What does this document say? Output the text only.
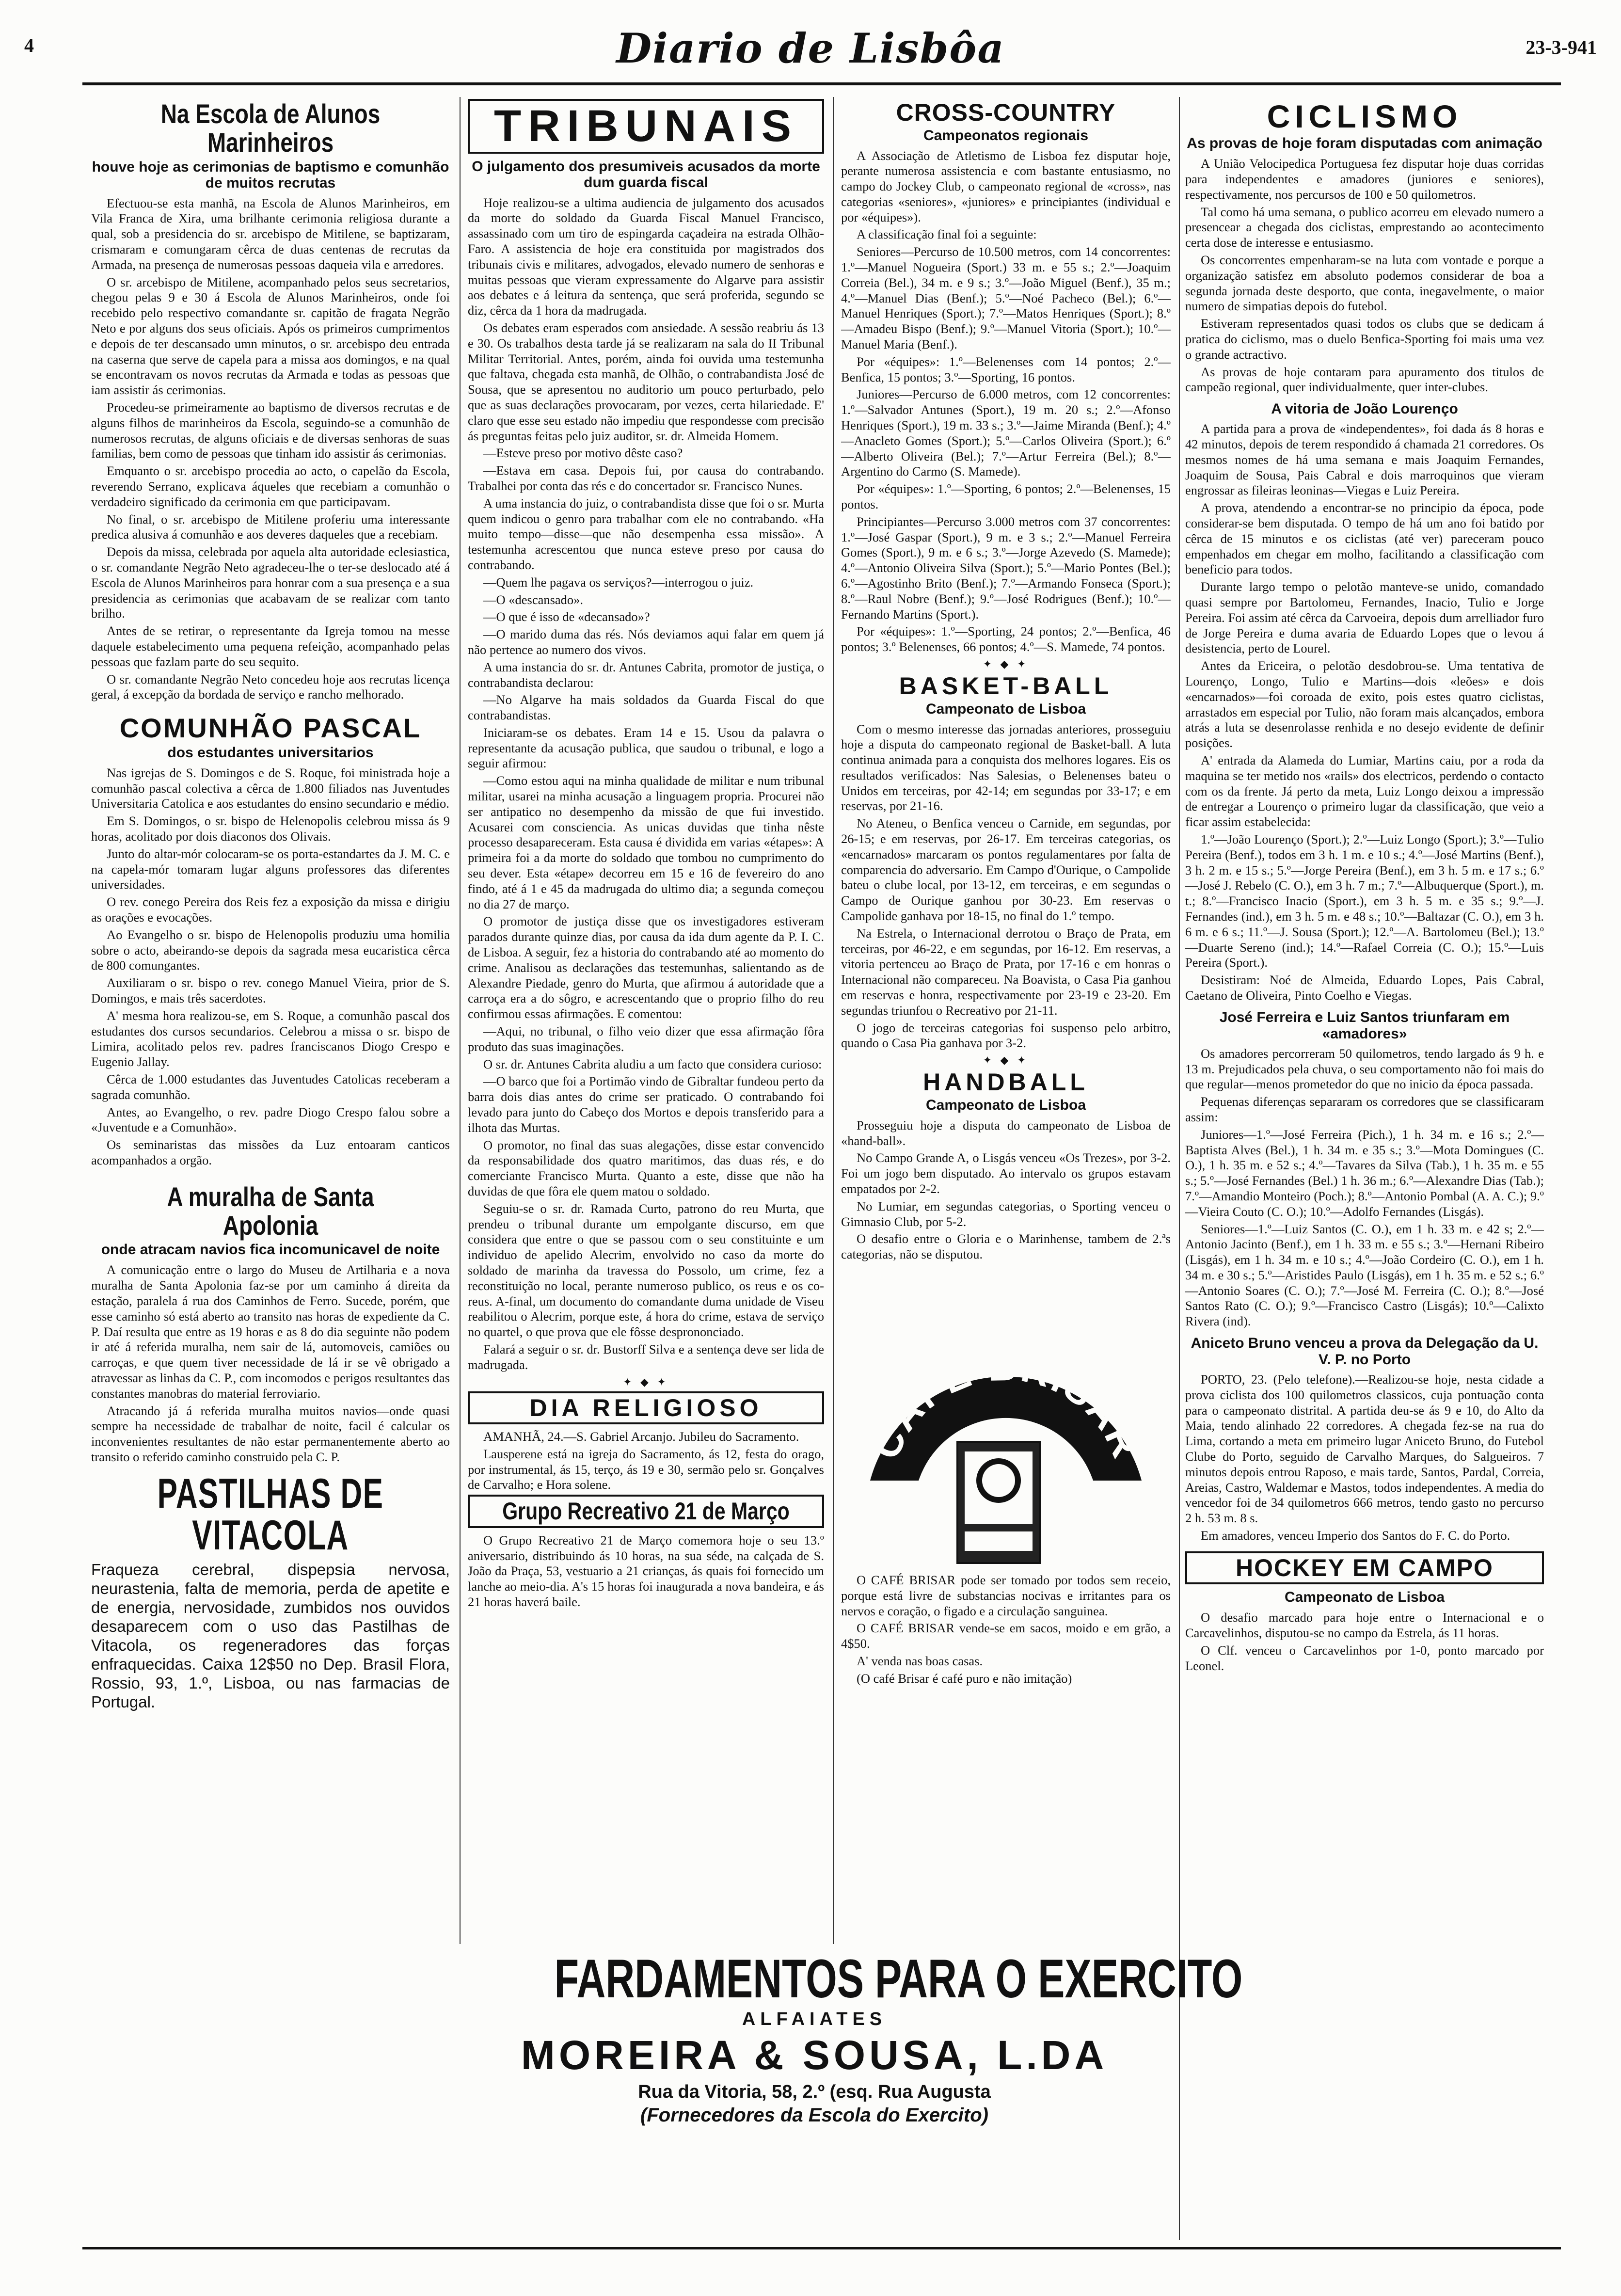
4	Diario de Lisbôa	23-3-941
Na Escola de Alunos Marinheiros
houve hoje as cerimonias de baptismo e comunhão de muitos recrutas

Efectuou-se esta manhã, na Escola de Alunos Marinheiros, em Vila Franca de Xira, uma brilhante cerimonia religiosa durante a qual, sob a presidencia do sr. arcebispo de Mitilene, se baptizaram, crismaram e comungaram cêrca de duas centenas de recrutas da Armada, na presença de numerosas pessoas daqueia vila e arredores.

O sr. arcebispo de Mitilene, acompanhado pelos seus secretarios, chegou pelas 9 e 30 á Escola de Alunos Marinheiros, onde foi recebido pelo respectivo comandante sr. capitão de fragata Negrão Neto e por alguns dos seus oficiais. Após os primeiros cumprimentos e depois de ter descansado umn minutos, o sr. arcebispo deu entrada na caserna que serve de capela para a missa aos domingos, e na qual se encontravam os novos recrutas da Armada e todas as pessoas que iam assistir ás cerimonias.

Procedeu-se primeiramente ao baptismo de diversos recrutas e de alguns filhos de marinheiros da Escola, seguindo-se a comunhão de numerosos recrutas, de alguns oficiais e de diversas senhoras de suas familias, bem como de pessoas que tinham ido assistir ás cerimonias.

Emquanto o sr. arcebispo procedia ao acto, o capelão da Escola, reverendo Serrano, explicava áqueles que recebiam a comunhão o verdadeiro significado da cerimonia em que participavam.

No final, o sr. arcebispo de Mitilene proferiu uma interessante predica alusiva á comunhão e aos deveres daqueles que a recebiam.

Depois da missa, celebrada por aquela alta autoridade eclesiastica, o sr. comandante Negrão Neto agradeceu-lhe o ter-se deslocado até á Escola de Alunos Marinheiros para honrar com a sua presença e a sua presidencia as cerimonias que acabavam de se realizar com tanto brilho.

Antes de se retirar, o representante da Igreja tomou na messe daquele estabelecimento uma pequena refeição, acompanhado pelas pessoas que fazlam parte do seu sequito.

O sr. comandante Negrão Neto concedeu hoje aos recrutas licença geral, á excepção da bordada de serviço e rancho melhorado.

COMUNHÃO PASCAL
dos estudantes universitarios

Nas igrejas de S. Domingos e de S. Roque, foi ministrada hoje a comunhão pascal colectiva a cêrca de 1.800 filiados nas Juventudes Universitaria Catolica e aos estudantes do ensino secundario e médio.

Em S. Domingos, o sr. bispo de Helenopolis celebrou missa ás 9 horas, acolitado por dois diaconos dos Olivais.

Junto do altar-mór colocaram-se os porta-estandartes da J. M. C. e na capela-mór tomaram lugar alguns professores das diferentes universidades.

O rev. conego Pereira dos Reis fez a exposição da missa e dirigiu as orações e evocações.

Ao Evangelho o sr. bispo de Helenopolis produziu uma homilia sobre o acto, abeirando-se depois da sagrada mesa eucaristica cêrca de 800 comungantes.

Auxiliaram o sr. bispo o rev. conego Manuel Vieira, prior de S. Domingos, e mais três sacerdotes.

A' mesma hora realizou-se, em S. Roque, a comunhão pascal dos estudantes dos cursos secundarios. Celebrou a missa o sr. bispo de Limira, acolitado pelos rev. padres franciscanos Diogo Crespo e Eugenio Jallay.

Cêrca de 1.000 estudantes das Juventudes Catolicas receberam a sagrada comunhão.

Antes, ao Evangelho, o rev. padre Diogo Crespo falou sobre a «Juventude e a Comunhão».

Os seminaristas das missões da Luz entoaram canticos acompanhados a orgão.

A muralha de Santa Apolonia
onde atracam navios fica incomunicavel de noite

A comunicação entre o largo do Museu de Artilharia e a nova muralha de Santa Apolonia faz-se por um caminho á direita da estação, paralela á rua dos Caminhos de Ferro. Sucede, porém, que esse caminho só está aberto ao transito nas horas de expediente da C. P. Daí resulta que entre as 19 horas e as 8 do dia seguinte não podem ir até á referida muralha, nem sair de lá, automoveis, camiões ou carroças, e que quem tiver necessidade de lá ir se vê obrigado a atravessar as linhas da C. P., com incomodos e perigos resultantes das constantes manobras do material ferroviario.

Atracando já á referida muralha muitos navios—onde quasi sempre ha necessidade de trabalhar de noite, facil é calcular os inconvenientes resultantes de não estar permanentemente aberto ao transito o referido caminho construido pela C. P.

PASTILHAS DE VITACOLA
Fraqueza cerebral, dispepsia nervosa, neurastenia, falta de memoria, perda de apetite e de energia, nervosidade, zumbidos nos ouvidos desaparecem com o uso das Pastilhas de Vitacola, os regeneradores das forças enfraquecidas. Caixa 12$50 no Dep. Brasil Flora, Rossio, 93, 1.º, Lisboa, ou nas farmacias de Portugal.
TRIBUNAIS
O julgamento dos presumiveis acusados da morte dum guarda fiscal

Hoje realizou-se a ultima audiencia de julgamento dos acusados da morte do soldado da Guarda Fiscal Manuel Francisco, assassinado com um tiro de espingarda caçadeira na estrada Olhão-Faro. A assistencia de hoje era constituida por magistrados dos tribunais civis e militares, advogados, elevado numero de senhoras e muitas pessoas que vieram expressamente do Algarve para assistir aos debates e á leitura da sentença, que será proferida, segundo se diz, cêrca da 1 hora da madrugada.

Os debates eram esperados com ansiedade. A sessão reabriu ás 13 e 30. Os trabalhos desta tarde já se realizaram na sala do II Tribunal Militar Territorial. Antes, porém, ainda foi ouvida uma testemunha que faltava, chegada esta manhã, de Olhão, o contrabandista José de Sousa, que se apresentou no auditorio um pouco perturbado, pelo que as suas declarações provocaram, por vezes, certa hilariedade. E' claro que esse seu estado não impediu que respondesse com precisão ás preguntas feitas pelo juiz auditor, sr. dr. Almeida Homem.

—Esteve preso por motivo dêste caso?

—Estava em casa. Depois fui, por causa do contrabando. Trabalhei por conta das rés e do concertador sr. Francisco Nunes.

A uma instancia do juiz, o contrabandista disse que foi o sr. Murta quem indicou o genro para trabalhar com ele no contrabando. «Ha muito tempo—disse—que não desempenha essa missão». A testemunha acrescentou que nunca esteve preso por causa do contrabando.

—Quem lhe pagava os serviços?—interrogou o juiz.

—O «descansado».

—O que é isso de «decansado»?

—O marido duma das rés. Nós deviamos aqui falar em quem já não pertence ao numero dos vivos.

A uma instancia do sr. dr. Antunes Cabrita, promotor de justiça, o contrabandista declarou:

—No Algarve ha mais soldados da Guarda Fiscal do que contrabandistas.

Iniciaram-se os debates. Eram 14 e 15. Usou da palavra o representante da acusação publica, que saudou o tribunal, e logo a seguir afirmou:

—Como estou aqui na minha qualidade de militar e num tribunal militar, usarei na minha acusação a linguagem propria. Procurei não ser antipatico no desempenho da missão de que fui investido. Acusarei com consciencia. As unicas duvidas que tinha nêste processo desapareceram. Esta causa é dividida em varias «étapes»: A primeira foi a da morte do soldado que tombou no cumprimento do seu dever. Esta «étape» decorreu em 15 e 16 de fevereiro do ano findo, até á 1 e 45 da madrugada do ultimo dia; a segunda começou no dia 27 de março.

O promotor de justiça disse que os investigadores estiveram parados durante quinze dias, por causa da ida dum agente da P. I. C. de Lisboa. A seguir, fez a historia do contrabando até ao momento do crime. Analisou as declarações das testemunhas, salientando as de Alexandre Piedade, genro do Murta, que afirmou á autoridade que a carroça era a do sôgro, e acrescentando que o proprio filho do reu confirmou essas afirmações. E comentou:

—Aqui, no tribunal, o filho veio dizer que essa afirmação fôra produto das suas imaginações.

O sr. dr. Antunes Cabrita aludiu a um facto que considera curioso:

—O barco que foi a Portimão vindo de Gibraltar fundeou perto da barra dois dias antes do crime ser praticado. O contrabando foi levado para junto do Cabeço dos Mortos e depois transferido para a ilhota das Murtas.

O promotor, no final das suas alegações, disse estar convencido da responsabilidade dos quatro maritimos, das duas rés, e do comerciante Francisco Murta. Quanto a este, disse que não ha duvidas de que fôra ele quem matou o soldado.

Seguiu-se o sr. dr. Ramada Curto, patrono do reu Murta, que prendeu o tribunal durante um empolgante discurso, em que considera que entre o que se passou com o seu constituinte e um individuo de apelido Alecrim, envolvido no caso da morte do soldado de marinha da travessa do Possolo, um crime, fez a reconstituição no local, perante numeroso publico, os reus e os co-reus. A-final, um documento do comandante duma unidade de Viseu reabilitou o Alecrim, porque este, á hora do crime, estava de serviço no quartel, o que prova que ele fôsse desprononciado.

Falará a seguir o sr. dr. Bustorff Silva e a sentença deve ser lida de madrugada.

✦ ◆ ✦
DIA RELIGIOSO

AMANHÃ, 24.—S. Gabriel Arcanjo. Jubileu do Sacramento.

Lausperene está na igreja do Sacramento, ás 12, festa do orago, por instrumental, ás 15, terço, ás 19 e 30, sermão pelo sr. Gonçalves de Carvalho; e Hora solene.

Grupo Recreativo 21 de Março

O Grupo Recreativo 21 de Março comemora hoje o seu 13.º aniversario, distribuindo ás 10 horas, na sua séde, na calçada de S. João da Praça, 53, vestuario a 21 crianças, ás quais foi fornecido um lanche ao meio-dia. A's 15 horas foi inaugurada a nova bandeira, e ás 21 horas haverá baile.

CROSS-COUNTRY
Campeonatos regionais

A Associação de Atletismo de Lisboa fez disputar hoje, perante numerosa assistencia e com bastante entusiasmo, no campo do Jockey Club, o campeonato regional de «cross», nas categorias «seniores», «juniores» e principiantes (individual e por «équipes»).

A classificação final foi a seguinte:

Seniores—Percurso de 10.500 metros, com 14 concorrentes: 1.º—Manuel Nogueira (Sport.) 33 m. e 55 s.; 2.º—Joaquim Correia (Bel.), 34 m. e 9 s.; 3.º—João Miguel (Benf.), 35 m.; 4.º—Manuel Dias (Benf.); 5.º—Noé Pacheco (Bel.); 6.º—Manuel Henriques (Sport.); 7.º—Matos Henriques (Sport.); 8.º—Amadeu Bispo (Benf.); 9.º—Manuel Vitoria (Sport.); 10.º—Manuel Maria (Benf.).

Por «équipes»: 1.º—Belenenses com 14 pontos; 2.º—Benfica, 15 pontos; 3.º—Sporting, 16 pontos.

Juniores—Percurso de 6.000 metros, com 12 concorrentes: 1.º—Salvador Antunes (Sport.), 19 m. 20 s.; 2.º—Afonso Henriques (Sport.), 19 m. 33 s.; 3.º—Jaime Miranda (Benf.); 4.º—Anacleto Gomes (Sport.); 5.º—Carlos Oliveira (Sport.); 6.º—Alberto Oliveira (Bel.); 7.º—Artur Ferreira (Bel.); 8.º—Argentino do Carmo (S. Mamede).

Por «équipes»: 1.º—Sporting, 6 pontos; 2.º—Belenenses, 15 pontos.

Principiantes—Percurso 3.000 metros com 37 concorrentes: 1.º—José Gaspar (Sport.), 9 m. e 3 s.; 2.º—Manuel Ferreira Gomes (Sport.), 9 m. e 6 s.; 3.º—Jorge Azevedo (S. Mamede); 4.º—Antonio Oliveira Silva (Sport.); 5.º—Mario Pontes (Bel.); 6.º—Agostinho Brito (Benf.); 7.º—Armando Fonseca (Sport.); 8.º—Raul Nobre (Benf.); 9.º—José Rodrigues (Benf.); 10.º—Fernando Martins (Sport.).

Por «équipes»: 1.º—Sporting, 24 pontos; 2.º—Benfica, 46 pontos; 3.º Belenenses, 66 pontos; 4.º—S. Mamede, 74 pontos.

✦ ◆ ✦
BASKET-BALL
Campeonato de Lisboa

Com o mesmo interesse das jornadas anteriores, prosseguiu hoje a disputa do campeonato regional de Basket-ball. A luta continua animada para a conquista dos melhores logares. Eis os resultados verificados: Nas Salesias, o Belenenses bateu o Unidos em terceiras, por 42-14; em segundas por 33-17; e em reservas, por 21-16.

No Ateneu, o Benfica venceu o Carnide, em segundas, por 26-15; e em reservas, por 26-17. Em terceiras categorias, os «encarnados» marcaram os pontos regulamentares por falta de comparencia do adversario. Em Campo d'Ourique, o Campolide bateu o clube local, por 13-12, em terceiras, e em segundas o Campo de Ourique ganhou por 30-23. Em reservas o Campolide ganhava por 18-15, no final do 1.º tempo.

Na Estrela, o Internacional derrotou o Braço de Prata, em terceiras, por 46-22, e em segundas, por 16-12. Em reservas, a vitoria pertenceu ao Braço de Prata, por 17-16 e em honras o Internacional não compareceu. Na Boavista, o Casa Pia ganhou em reservas e honra, respectivamente por 23-19 e 23-20. Em segundas triunfou o Recreativo por 21-11.

O jogo de terceiras categorias foi suspenso pelo arbitro, quando o Casa Pia ganhava por 3-2.

✦ ◆ ✦
HANDBALL
Campeonato de Lisboa

Prosseguiu hoje a disputa do campeonato de Lisboa de «hand-ball».

No Campo Grande A, o Lisgás venceu «Os Trezes», por 3-2. Foi um jogo bem disputado. Ao intervalo os grupos estavam empatados por 2-2.

No Lumiar, em segundas categorias, o Sporting venceu o Gimnasio Club, por 5-2.

O desafio entre o Gloria e o Marinhense, tambem de 2.ªs categorias, não se disputou.

CAFÉ BRISAR

O CAFÉ BRISAR pode ser tomado por todos sem receio, porque está livre de substancias nocivas e irritantes para os nervos e coração, o figado e a circulação sanguinea.

O CAFÉ BRISAR vende-se em sacos, moido e em grão, a 4$50.

A' venda nas boas casas.

(O café Brisar é café puro e não imitação)

CICLISMO
As provas de hoje foram disputadas com animação

A União Velocipedica Portuguesa fez disputar hoje duas corridas para independentes e amadores (juniores e seniores), respectivamente, nos percursos de 100 e 50 quilometros.

Tal como há uma semana, o publico acorreu em elevado numero a presencear a chegada dos ciclistas, emprestando ao acontecimento certa dose de interesse e entusiasmo.

Os concorrentes empenharam-se na luta com vontade e porque a organização satisfez em absoluto podemos considerar de boa a segunda jornada deste desporto, que conta, inegavelmente, o maior numero de simpatias depois do futebol.

Estiveram representados quasi todos os clubs que se dedicam á pratica do ciclismo, mas o duelo Benfica-Sporting foi mais uma vez o grande actractivo.

As provas de hoje contaram para apuramento dos titulos de campeão regional, quer individualmente, quer inter-clubes.

A vitoria de João Lourenço

A partida para a prova de «independentes», foi dada ás 8 horas e 42 minutos, depois de terem respondido á chamada 21 corredores. Os mesmos nomes de há uma semana e mais Joaquim Fernandes, Joaquim de Sousa, Pais Cabral e dois marroquinos que vieram engrossar as fileiras leoninas—Viegas e Luiz Pereira.

A prova, atendendo a encontrar-se no principio da época, pode considerar-se bem disputada. O tempo de há um ano foi batido por cêrca de 15 minutos e os ciclistas (até ver) pareceram pouco empenhados em chegar em molho, facilitando a classificação com beneficio para todos.

Durante largo tempo o pelotão manteve-se unido, comandado quasi sempre por Bartolomeu, Fernandes, Inacio, Tulio e Jorge Pereira. Foi assim até cêrca da Carvoeira, depois dum arrelliador furo de Jorge Pereira e duma avaria de Eduardo Lopes que o levou á desistencia, perto de Lourel.

Antes da Ericeira, o pelotão desdobrou-se. Uma tentativa de Lourenço, Longo, Tulio e Martins—dois «leões» e dois «encarnados»—foi coroada de exito, pois estes quatro ciclistas, arrastados em especial por Tulio, não foram mais alcançados, embora atrás a luta se desenrolasse renhida e no desejo evidente de definir posições.

A' entrada da Alameda do Lumiar, Martins caiu, por a roda da maquina se ter metido nos «rails» dos electricos, perdendo o contacto com os da frente. Já perto da meta, Luiz Longo deixou a impressão de entregar a Lourenço o primeiro lugar da classificação, que veio a ficar assim estabelecida:

1.º—João Lourenço (Sport.); 2.º—Luiz Longo (Sport.); 3.º—Tulio Pereira (Benf.), todos em 3 h. 1 m. e 10 s.; 4.º—José Martins (Benf.), 3 h. 2 m. e 15 s.; 5.º—Jorge Pereira (Benf.), em 3 h. 5 m. e 17 s.; 6.º—José J. Rebelo (C. O.), em 3 h. 7 m.; 7.º—Albuquerque (Sport.), m. t.; 8.º—Francisco Inacio (Sport.), em 3 h. 5 m. e 35 s.; 9.º—J. Fernandes (ind.), em 3 h. 5 m. e 48 s.; 10.º—Baltazar (C. O.), em 3 h. 6 m. e 6 s.; 11.º—J. Sousa (Sport.); 12.º—A. Bartolomeu (Bel.); 13.º—Duarte Sereno (ind.); 14.º—Rafael Correia (C. O.); 15.º—Luis Pereira (Sport.).

Desistiram: Noé de Almeida, Eduardo Lopes, Pais Cabral, Caetano de Oliveira, Pinto Coelho e Viegas.

José Ferreira e Luiz Santos triunfaram em «amadores»

Os amadores percorreram 50 quilometros, tendo largado ás 9 h. e 13 m. Prejudicados pela chuva, o seu comportamento não foi mais do que regular—menos prometedor do que no inicio da época passada.

Pequenas diferenças separaram os corredores que se classificaram assim:

Juniores—1.º—José Ferreira (Pich.), 1 h. 34 m. e 16 s.; 2.º—Baptista Alves (Bel.), 1 h. 34 m. e 35 s.; 3.º—Mota Domingues (C. O.), 1 h. 35 m. e 52 s.; 4.º—Tavares da Silva (Tab.), 1 h. 35 m. e 55 s.; 5.º—José Fernandes (Bel.) 1 h. 36 m.; 6.º—Alexandre Dias (Tab.); 7.º—Amandio Monteiro (Poch.); 8.º—Antonio Pombal (A. A. C.); 9.º—Vieira Couto (C. O.); 10.º—Adolfo Fernandes (Lisgás).

Seniores—1.º—Luiz Santos (C. O.), em 1 h. 33 m. e 42 s; 2.º—Antonio Jacinto (Benf.), em 1 h. 33 m. e 55 s.; 3.º—Hernani Ribeiro (Lisgás), em 1 h. 34 m. e 10 s.; 4.º—João Cordeiro (C. O.), em 1 h. 34 m. e 30 s.; 5.º—Aristides Paulo (Lisgás), em 1 h. 35 m. e 52 s.; 6.º—Antonio Soares (C. O.); 7.º—José M. Ferreira (C. O.); 8.º—José Santos Rato (C. O.); 9.º—Francisco Castro (Lisgás); 10.º—Calixto Rivera (ind).

Aniceto Bruno venceu a prova da Delegação da U. V. P. no Porto

PORTO, 23. (Pelo telefone).—Realizou-se hoje, nesta cidade a prova ciclista dos 100 quilometros classicos, cuja pontuação conta para o campeonato distrital. A partida deu-se ás 9 e 10, do Alto da Maia, tendo alinhado 22 corredores. A chegada fez-se na rua do Lima, cortando a meta em primeiro lugar Aniceto Bruno, do Futebol Clube do Porto, seguido de Carvalho Marques, do Salgueiros. 7 minutos depois entrou Raposo, e mais tarde, Santos, Pardal, Correia, Areias, Castro, Waldemar e Mastos, todos independentes. A media do vencedor foi de 34 quilometros 666 metros, tendo gasto no percurso 2 h. 53 m. 8 s.

Em amadores, venceu Imperio dos Santos do F. C. do Porto.

HOCKEY EM CAMPO
Campeonato de Lisboa

O desafio marcado para hoje entre o Internacional e o Carcavelinhos, disputou-se no campo da Estrela, ás 11 horas.

O Clf. venceu o Carcavelinhos por 1-0, ponto marcado por Leonel.

FARDAMENTOS PARA O EXERCITO
ALFAIATES
MOREIRA & SOUSA, L.DA
Rua da Vitoria, 58, 2.º (esq. Rua Augusta
(Fornecedores da Escola do Exercito)
